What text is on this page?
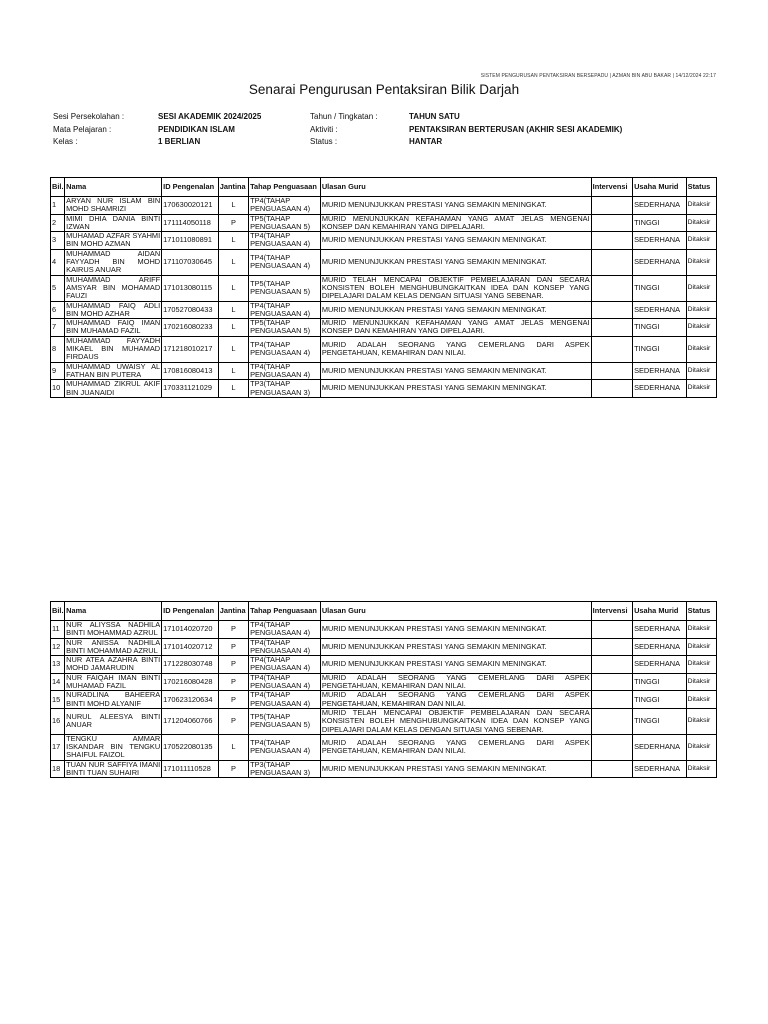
SISTEM PENGURUSAN PENTAKSIRAN BERSEPADU | AZMAN BIN ABU BAKAR | 14/12/2024 22:17
Senarai Pengurusan Pentaksiran Bilik Darjah
Sesi Persekolahan :	SESI AKADEMIK 2024/2025	Tahun / Tingkatan :	TAHUN SATU
Mata Pelajaran :	PENDIDIKAN ISLAM	Aktiviti :	PENTAKSIRAN BERTERUSAN (AKHIR SESI AKADEMIK)
Kelas :	1 BERLIAN	Status :	HANTAR
Bil.	Nama	ID Pengenalan	Jantina	Tahap Penguasaan	Ulasan Guru	Intervensi	Usaha Murid	Status
1	ARYAN NUR ISLAM BIN MOHD SHAMRIZI	170630020121	L	TP4(TAHAP PENGUASAAN 4)	MURID MENUNJUKKAN PRESTASI YANG SEMAKIN MENINGKAT.		SEDERHANA	Ditaksir
2	MIMI DHIA DANIA BINTI IZWAN	171114050118	P	TP5(TAHAP PENGUASAAN 5)	MURID MENUNJUKKAN KEFAHAMAN YANG AMAT JELAS MENGENAI KONSEP DAN KEMAHIRAN YANG DIPELAJARI.		TINGGI	Ditaksir
3	MUHAMAD AZFAR SYAHMI BIN MOHD AZMAN	171011080891	L	TP4(TAHAP PENGUASAAN 4)	MURID MENUNJUKKAN PRESTASI YANG SEMAKIN MENINGKAT.		SEDERHANA	Ditaksir
4	MUHAMMAD AIDAN FAYYADH BIN MOHD KAIRUS ANUAR	171107030645	L	TP4(TAHAP PENGUASAAN 4)	MURID MENUNJUKKAN PRESTASI YANG SEMAKIN MENINGKAT.		SEDERHANA	Ditaksir
5	MUHAMMAD ARIFF AMSYAR BIN MOHAMAD FAUZI	171013080115	L	TP5(TAHAP PENGUASAAN 5)	MURID TELAH MENCAPAI OBJEKTIF PEMBELAJARAN DAN SECARA KONSISTEN BOLEH MENGHUBUNGKAITKAN IDEA DAN KONSEP YANG DIPELAJARI DALAM KELAS DENGAN SITUASI YANG SEBENAR.		TINGGI	Ditaksir
6	MUHAMMAD FAIQ ADLI BIN MOHD AZHAR	170527080433	L	TP4(TAHAP PENGUASAAN 4)	MURID MENUNJUKKAN PRESTASI YANG SEMAKIN MENINGKAT.		SEDERHANA	Ditaksir
7	MUHAMMAD FAIQ IMAN BIN MUHAMAD FAZIL	170216080233	L	TP5(TAHAP PENGUASAAN 5)	MURID MENUNJUKKAN KEFAHAMAN YANG AMAT JELAS MENGENAI KONSEP DAN KEMAHIRAN YANG DIPELAJARI.		TINGGI	Ditaksir
8	MUHAMMAD FAYYADH MIKAEL BIN MUHAMAD FIRDAUS	171218010217	L	TP4(TAHAP PENGUASAAN 4)	MURID ADALAH SEORANG YANG CEMERLANG DARI ASPEK PENGETAHUAN, KEMAHIRAN DAN NILAI.		TINGGI	Ditaksir
9	MUHAMMAD UWAISY AL FATHAN BIN PUTERA	170816080413	L	TP4(TAHAP PENGUASAAN 4)	MURID MENUNJUKKAN PRESTASI YANG SEMAKIN MENINGKAT.		SEDERHANA	Ditaksir
10	MUHAMMAD ZIKRUL AKIF BIN JUANAIDI	170331121029	L	TP3(TAHAP PENGUASAAN 3)	MURID MENUNJUKKAN PRESTASI YANG SEMAKIN MENINGKAT.		SEDERHANA	Ditaksir
Bil.	Nama	ID Pengenalan	Jantina	Tahap Penguasaan	Ulasan Guru	Intervensi	Usaha Murid	Status
11	NUR ALIYSSA NADHILA BINTI MOHAMMAD AZRUL	171014020720	P	TP4(TAHAP PENGUASAAN 4)	MURID MENUNJUKKAN PRESTASI YANG SEMAKIN MENINGKAT.		SEDERHANA	Ditaksir
12	NUR ANISSA NADHILA BINTI MOHAMMAD AZRUL	171014020712	P	TP4(TAHAP PENGUASAAN 4)	MURID MENUNJUKKAN PRESTASI YANG SEMAKIN MENINGKAT.		SEDERHANA	Ditaksir
13	NUR ATEA AZAHRA BINTI MOHD JAMARUDIN	171228030748	P	TP4(TAHAP PENGUASAAN 4)	MURID MENUNJUKKAN PRESTASI YANG SEMAKIN MENINGKAT.		SEDERHANA	Ditaksir
14	NUR FAIQAH IMAN BINTI MUHAMAD FAZIL	170216080428	P	TP4(TAHAP PENGUASAAN 4)	MURID ADALAH SEORANG YANG CEMERLANG DARI ASPEK PENGETAHUAN, KEMAHIRAN DAN NILAI.		TINGGI	Ditaksir
15	NURADLINA BAHEERA BINTI MOHD ALYANIF	170623120634	P	TP4(TAHAP PENGUASAAN 4)	MURID ADALAH SEORANG YANG CEMERLANG DARI ASPEK PENGETAHUAN, KEMAHIRAN DAN NILAI.		TINGGI	Ditaksir
16	NURUL ALEESYA BINTI ANUAR	171204060766	P	TP5(TAHAP PENGUASAAN 5)	MURID TELAH MENCAPAI OBJEKTIF PEMBELAJARAN DAN SECARA KONSISTEN BOLEH MENGHUBUNGKAITKAN IDEA DAN KONSEP YANG DIPELAJARI DALAM KELAS DENGAN SITUASI YANG SEBENAR.		TINGGI	Ditaksir
17	TENGKU AMMAR ISKANDAR BIN TENGKU SHAIFUL FAIZOL	170522080135	L	TP4(TAHAP PENGUASAAN 4)	MURID ADALAH SEORANG YANG CEMERLANG DARI ASPEK PENGETAHUAN, KEMAHIRAN DAN NILAI.		SEDERHANA	Ditaksir
18	TUAN NUR SAFFIYA IMANI BINTI TUAN SUHAIRI	171011110528	P	TP3(TAHAP PENGUASAAN 3)	MURID MENUNJUKKAN PRESTASI YANG SEMAKIN MENINGKAT.		SEDERHANA	Ditaksir
